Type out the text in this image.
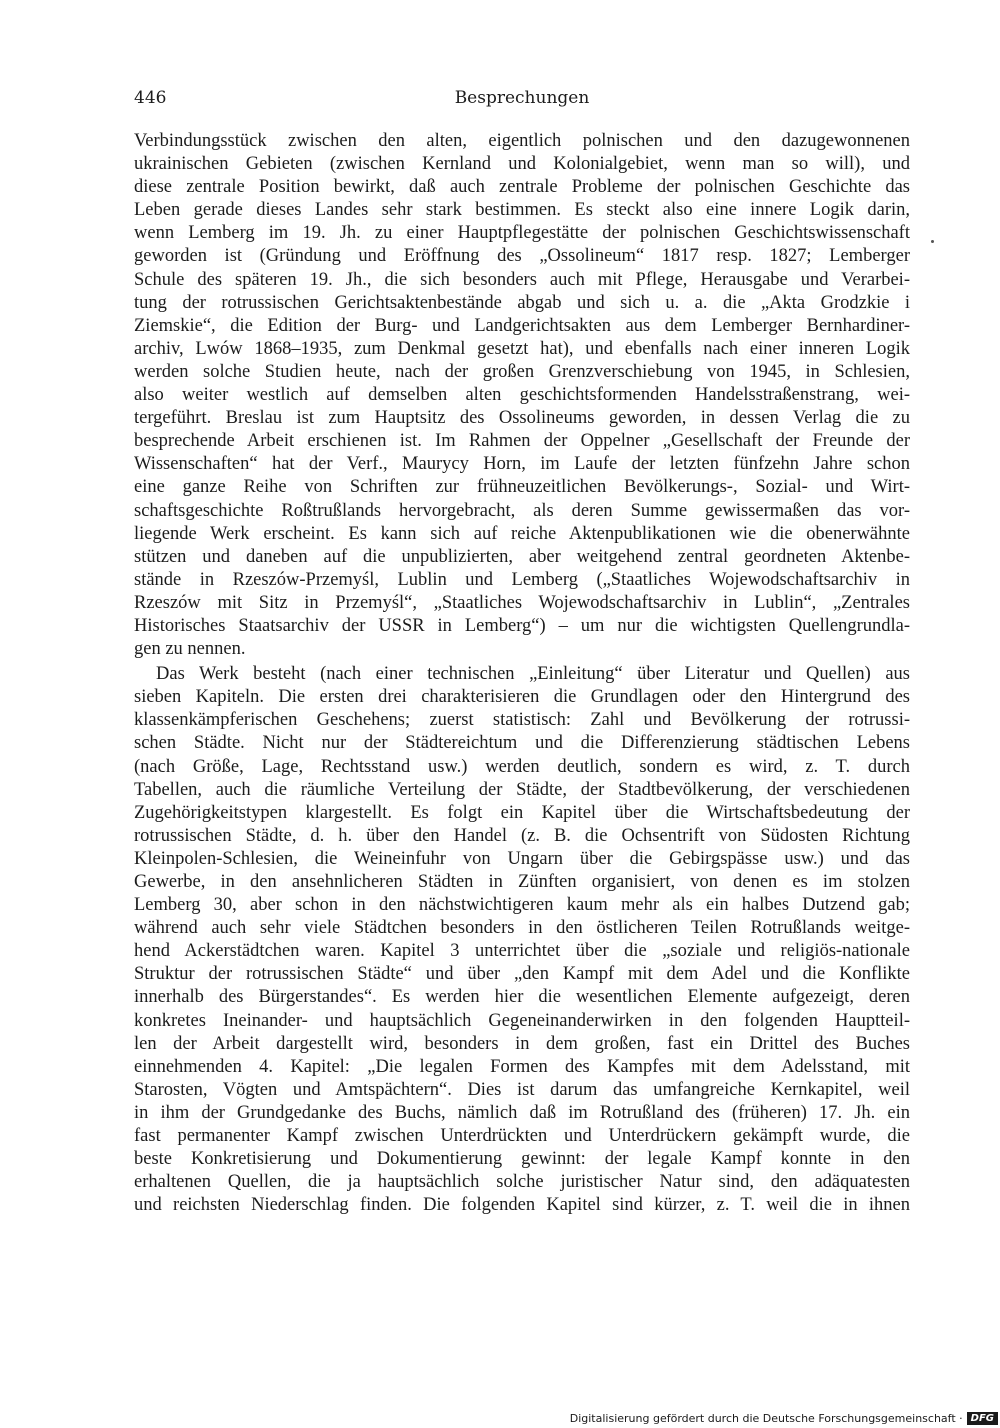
446	Besprechungen
Verbindungsstück zwischen den alten, eigentlich polnischen und den dazugewonnenen
ukrainischen Gebieten (zwischen Kernland und Kolonialgebiet, wenn man so will), und
diese zentrale Position bewirkt, daß auch zentrale Probleme der polnischen Geschichte das
Leben gerade dieses Landes sehr stark bestimmen. Es steckt also eine innere Logik darin,
wenn Lemberg im 19. Jh. zu einer Hauptpflegestätte der polnischen Geschichtswissenschaft
geworden ist (Gründung und Eröffnung des „Ossolineum“ 1817 resp. 1827; Lemberger
Schule des späteren 19. Jh., die sich besonders auch mit Pflege, Herausgabe und Verarbei-
tung der rotrussischen Gerichtsaktenbestände abgab und sich u. a. die „Akta Grodzkie i
Ziemskie“, die Edition der Burg- und Landgerichtsakten aus dem Lemberger Bernhardiner-
archiv, Lwów 1868–1935, zum Denkmal gesetzt hat), und ebenfalls nach einer inneren Logik
werden solche Studien heute, nach der großen Grenzverschiebung von 1945, in Schlesien,
also weiter westlich auf demselben alten geschichtsformenden Handelsstraßenstrang, wei-
tergeführt. Breslau ist zum Hauptsitz des Ossolineums geworden, in dessen Verlag die zu
besprechende Arbeit erschienen ist. Im Rahmen der Oppelner „Gesellschaft der Freunde der
Wissenschaften“ hat der Verf., Maurycy Horn, im Laufe der letzten fünfzehn Jahre schon
eine ganze Reihe von Schriften zur frühneuzeitlichen Bevölkerungs-, Sozial- und Wirt-
schaftsgeschichte Roßtrußlands hervorgebracht, als deren Summe gewissermaßen das vor-
liegende Werk erscheint. Es kann sich auf reiche Aktenpublikationen wie die obenerwähnte
stützen und daneben auf die unpublizierten, aber weitgehend zentral geordneten Aktenbe-
stände in Rzeszów-Przemyśl, Lublin und Lemberg („Staatliches Wojewodschaftsarchiv in
Rzeszów mit Sitz in Przemyśl“, „Staatliches Wojewodschaftsarchiv in Lublin“, „Zentrales
Historisches Staatsarchiv der USSR in Lemberg“) – um nur die wichtigsten Quellengrundla-
gen zu nennen.
Das Werk besteht (nach einer technischen „Einleitung“ über Literatur und Quellen) aus
sieben Kapiteln. Die ersten drei charakterisieren die Grundlagen oder den Hintergrund des
klassenkämpferischen Geschehens; zuerst statistisch: Zahl und Bevölkerung der rotrussi-
schen Städte. Nicht nur der Städtereichtum und die Differenzierung städtischen Lebens
(nach Größe, Lage, Rechtsstand usw.) werden deutlich, sondern es wird, z. T. durch
Tabellen, auch die räumliche Verteilung der Städte, der Stadtbevölkerung, der verschiedenen
Zugehörigkeitstypen klargestellt. Es folgt ein Kapitel über die Wirtschaftsbedeutung der
rotrussischen Städte, d. h. über den Handel (z. B. die Ochsentrift von Südosten Richtung
Kleinpolen-Schlesien, die Weineinfuhr von Ungarn über die Gebirgspässe usw.) und das
Gewerbe, in den ansehnlicheren Städten in Zünften organisiert, von denen es im stolzen
Lemberg 30, aber schon in den nächstwichtigeren kaum mehr als ein halbes Dutzend gab;
während auch sehr viele Städtchen besonders in den östlicheren Teilen Rotrußlands weitge-
hend Ackerstädtchen waren. Kapitel 3 unterrichtet über die „soziale und religiös-nationale
Struktur der rotrussischen Städte“ und über „den Kampf mit dem Adel und die Konflikte
innerhalb des Bürgerstandes“. Es werden hier die wesentlichen Elemente aufgezeigt, deren
konkretes Ineinander- und hauptsächlich Gegeneinanderwirken in den folgenden Hauptteil-
len der Arbeit dargestellt wird, besonders in dem großen, fast ein Drittel des Buches
einnehmenden 4. Kapitel: „Die legalen Formen des Kampfes mit dem Adelsstand, mit
Starosten, Vögten und Amtspächtern“. Dies ist darum das umfangreiche Kernkapitel, weil
in ihm der Grundgedanke des Buchs, nämlich daß im Rotrußland des (früheren) 17. Jh. ein
fast permanenter Kampf zwischen Unterdrückten und Unterdrückern gekämpft wurde, die
beste Konkretisierung und Dokumentierung gewinnt: der legale Kampf konnte in den
erhaltenen Quellen, die ja hauptsächlich solche juristischer Natur sind, den adäquatesten
und reichsten Niederschlag finden. Die folgenden Kapitel sind kürzer, z. T. weil die in ihnen
Digitalisierung gefördert durch die Deutsche Forschungsgemeinschaft · DFG
